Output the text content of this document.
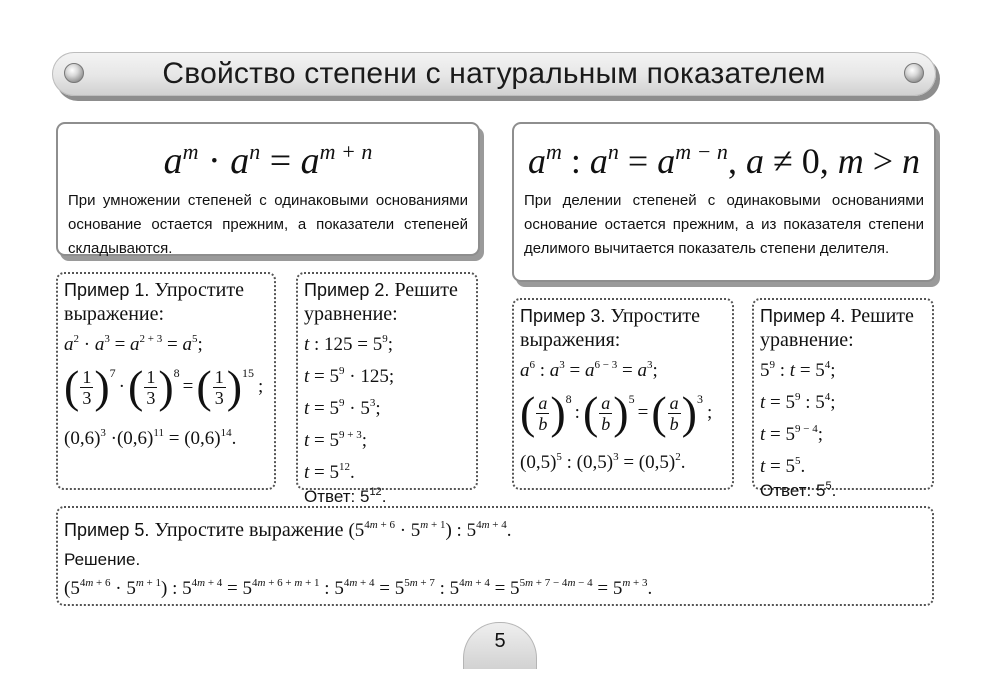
Свойство степени с натуральным показателем
$a^m \cdot a^n = a^{m + n}$
При умножении степеней с одинаковыми основаниями основание остается прежним, а показатели степеней складываются.
$a^m$ : $a^n = a^{m - n}$, a ≠ 0, m > n
При делении степеней с одинаковыми основаниями основание остается прежним, а из показателя степени делимого вычитается показатель степени делителя.
Пример 1. Упростите выражение:
$a^2 \cdot a^3 = a^{2 + 3} = a^5$;
( $\frac{1}{3}$ ) 7
· ( $\frac{1}{3}$ ) 8
= ( $\frac{1}{3}$ ) 15
;
$(0,6)^3 \cdot(0,6)^{11} = (0,6)^{14}$.
Пример 2. Решите уравнение:
t : $125 = 5^9$;
$t = 5^9 \cdot 125$;
$t = 5^9 \cdot 5^3$;
$t = 5^{9 + 3}$;
$t = 5^{12}$.
Ответ: $5^{12}$.
Пример 3. Упростите выражения:
$a^6$ : $a^3 = a^{6 - 3} = a^3$;
( $\frac{a}{b}$ ) 8
: ( $\frac{a}{b}$ ) 5
= ( $\frac{a}{b}$ ) 3
;
$(0,5)^5$ : $(0,5)^3 = (0,5)^2$.
Пример 4. Решите уравнение:
$5^9$ : $t = 5^4$;
$t = 5^9$ : $5^4$;
$t = 5^{9 - 4}$;
$t = 5^5$.
Ответ: $5^5$.
Пример 5. Упростите выражение $(5^{4m + 6} \cdot 5^{m + 1})$ : $5^{4m + 4}$.
Решение.
$(5^{4m + 6} \cdot 5^{m + 1})$ : $5^{4m + 4} = 5^{4m + 6 + m + 1}$ : $5^{4m + 4} = 5^{5m + 7}$ : $5^{4m + 4} = 5^{5m + 7 - 4m - 4} = 5^{m + 3}$.
5
